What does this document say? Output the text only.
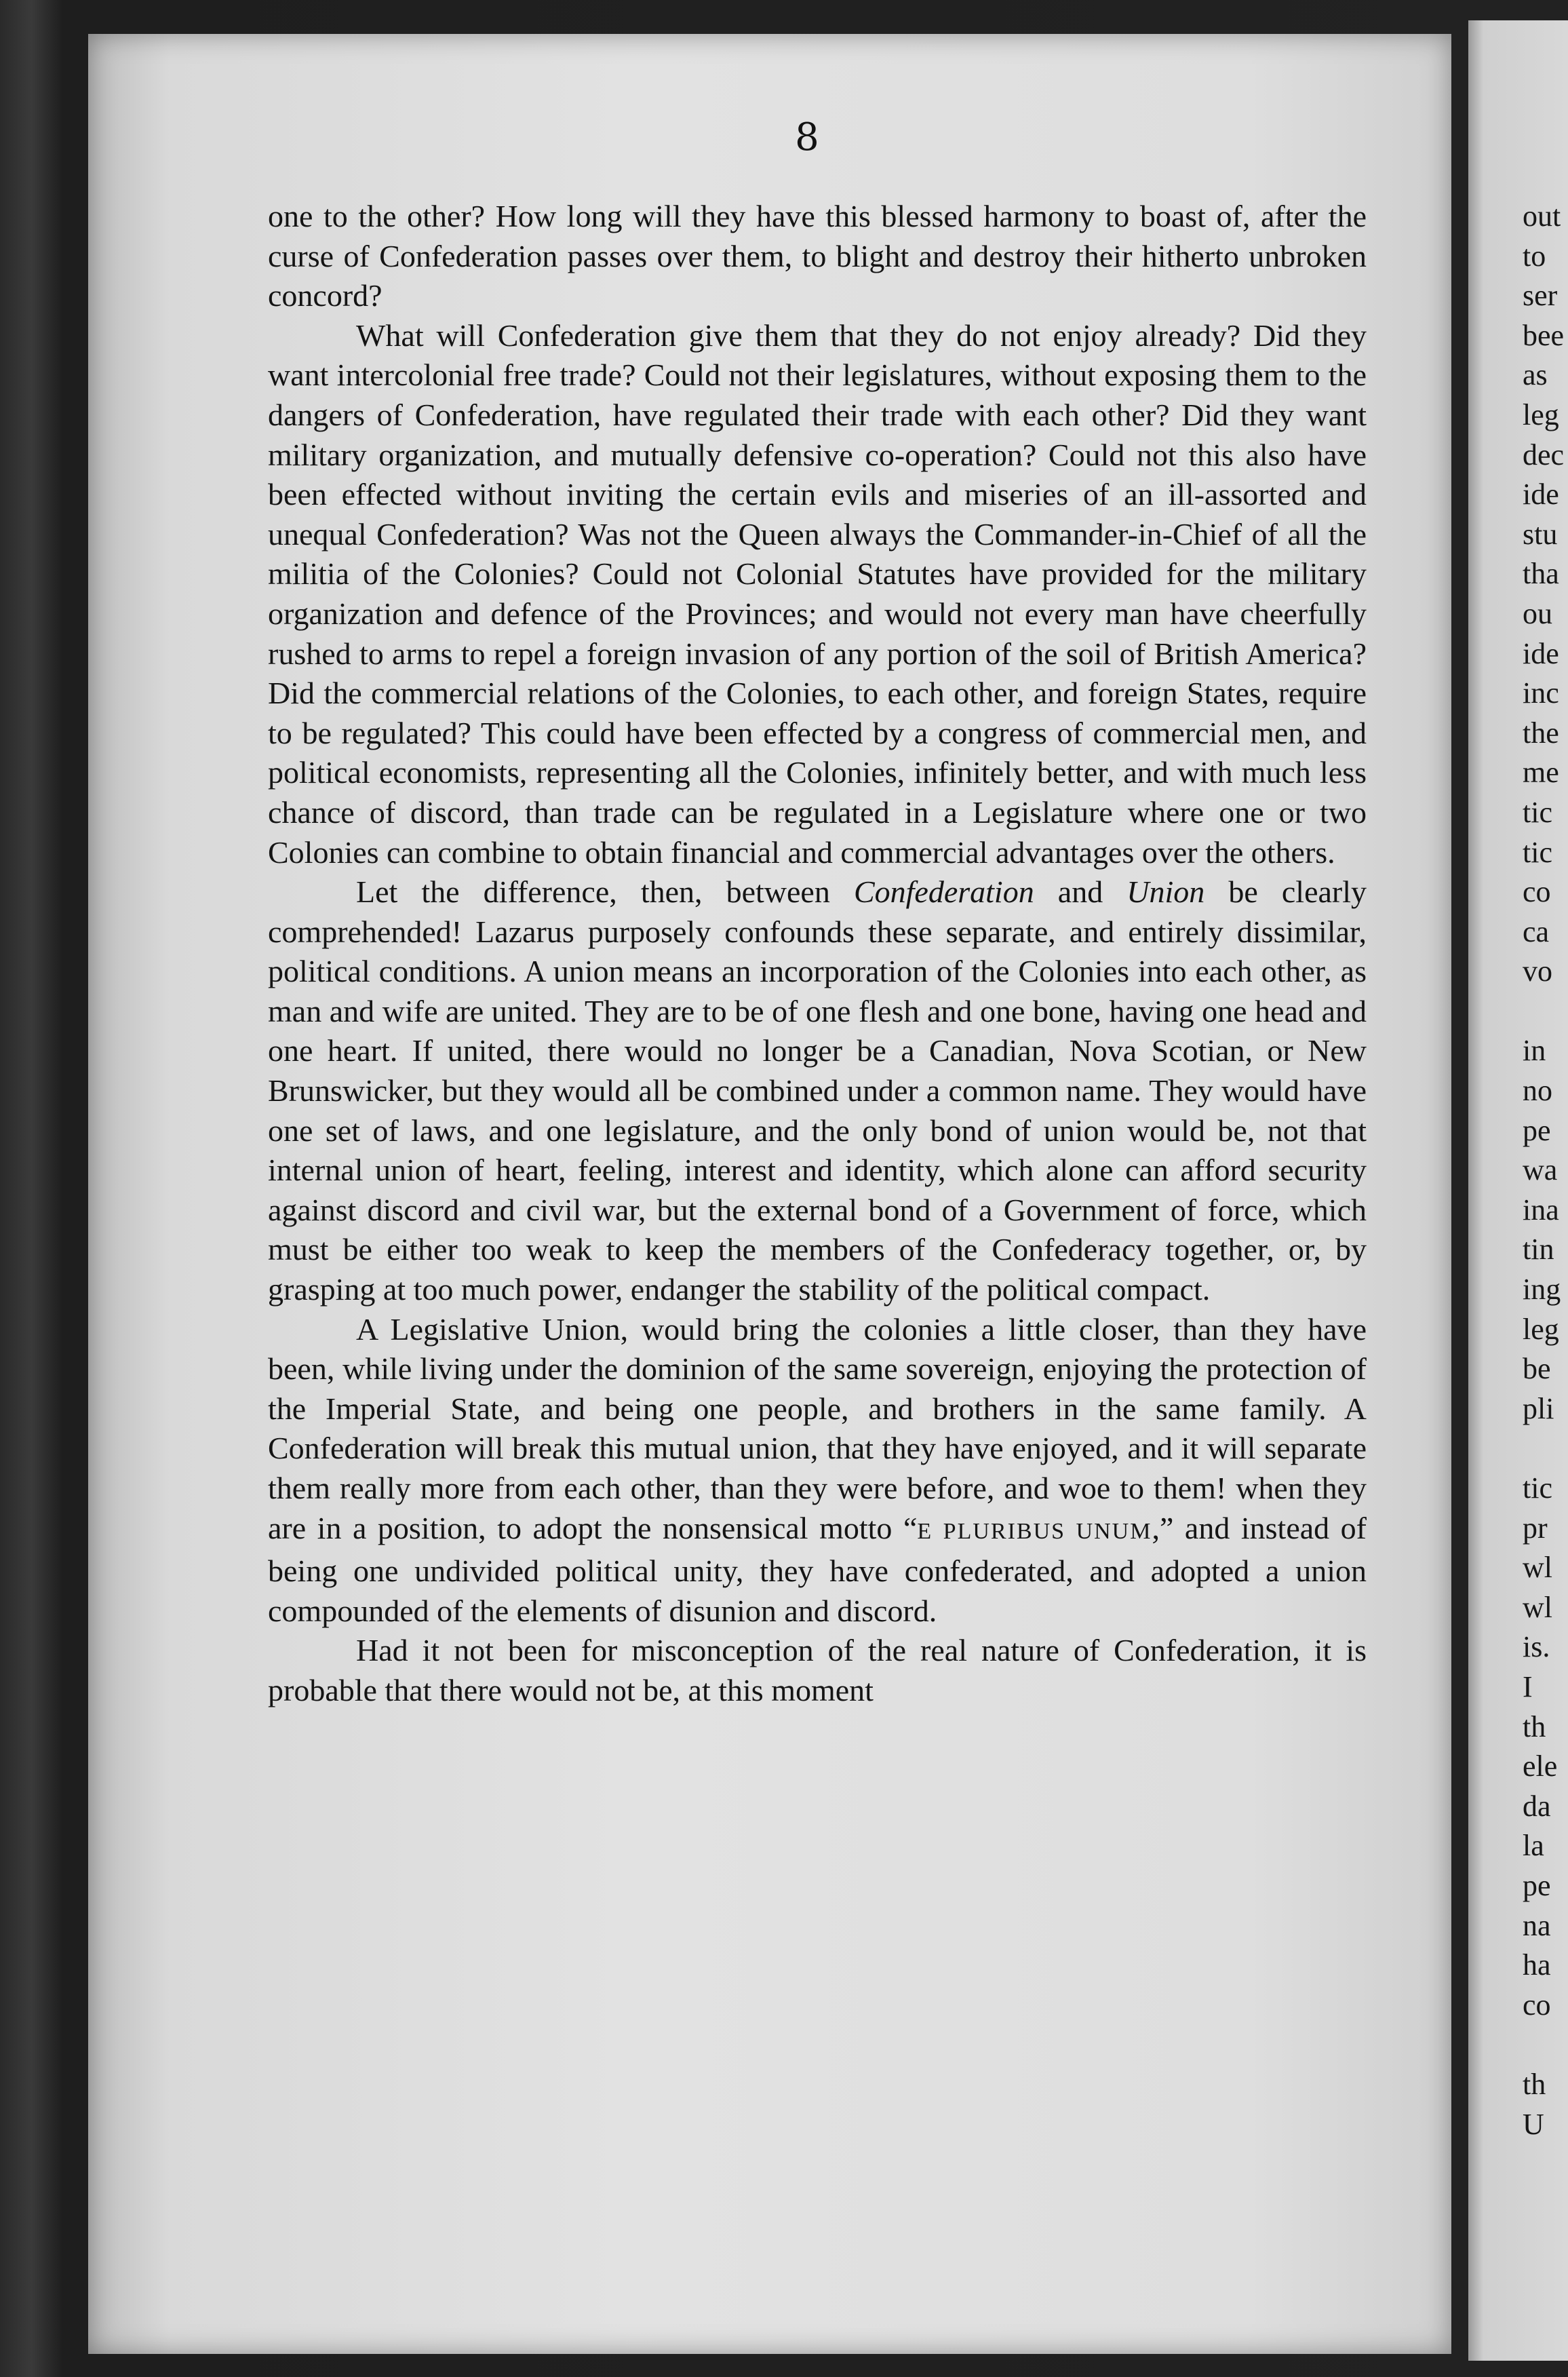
8

one to the other? How long will they have this blessed harmony to boast of, after the curse of Confederation passes over them, to blight and destroy their hitherto unbroken concord?

What will Confederation give them that they do not enjoy already? Did they want intercolonial free trade? Could not their legislatures, without exposing them to the dangers of Confederation, have regulated their trade with each other? Did they want military organization, and mutually defensive co-operation? Could not this also have been effected without inviting the certain evils and miseries of an ill-assorted and unequal Confederation? Was not the Queen always the Commander-in-Chief of all the militia of the Colonies? Could not Colonial Statutes have provided for the military organization and defence of the Provinces; and would not every man have cheerfully rushed to arms to repel a foreign invasion of any portion of the soil of British America? Did the commercial relations of the Colonies, to each other, and foreign States, require to be regulated? This could have been effected by a congress of commercial men, and political economists, representing all the Colonies, infinitely better, and with much less chance of discord, than trade can be regulated in a Legislature where one or two Colonies can combine to obtain financial and commercial advantages over the others.

Let the difference, then, between Confederation and Union be clearly comprehended! Lazarus purposely confounds these separate, and entirely dissimilar, political conditions. A union means an incorporation of the Colonies into each other, as man and wife are united. They are to be of one flesh and one bone, having one head and one heart. If united, there would no longer be a Canadian, Nova Scotian, or New Brunswicker, but they would all be combined under a common name. They would have one set of laws, and one legislature, and the only bond of union would be, not that internal union of heart, feeling, interest and identity, which alone can afford security against discord and civil war, but the external bond of a Government of force, which must be either too weak to keep the members of the Confederacy together, or, by grasping at too much power, endanger the stability of the political compact.

A Legislative Union, would bring the colonies a little closer, than they have been, while living under the dominion of the same sovereign, enjoying the protection of the Imperial State, and being one people, and brothers in the same family. A Confederation will break this mutual union, that they have enjoyed, and it will separate them really more from each other, than they were before, and woe to them! when they are in a position, to adopt the nonsensical motto “E PLURIBUS UNUM,” and instead of being one undivided political unity, they have confederated, and adopted a union compounded of the elements of disunion and discord.

Had it not been for misconception of the real nature of Confederation, it is probable that there would not be, at this moment

out
to
ser
bee
as
leg
dec
ide
stu
tha
ou
ide
inc
the
me
tic
tic
co
ca
vo
in
no
pe
wa
ina
tin
ing
leg
be
pli
tic
pr
wl
wl
is.
I
th
ele
da
la
pe
na
ha
co
th
U
